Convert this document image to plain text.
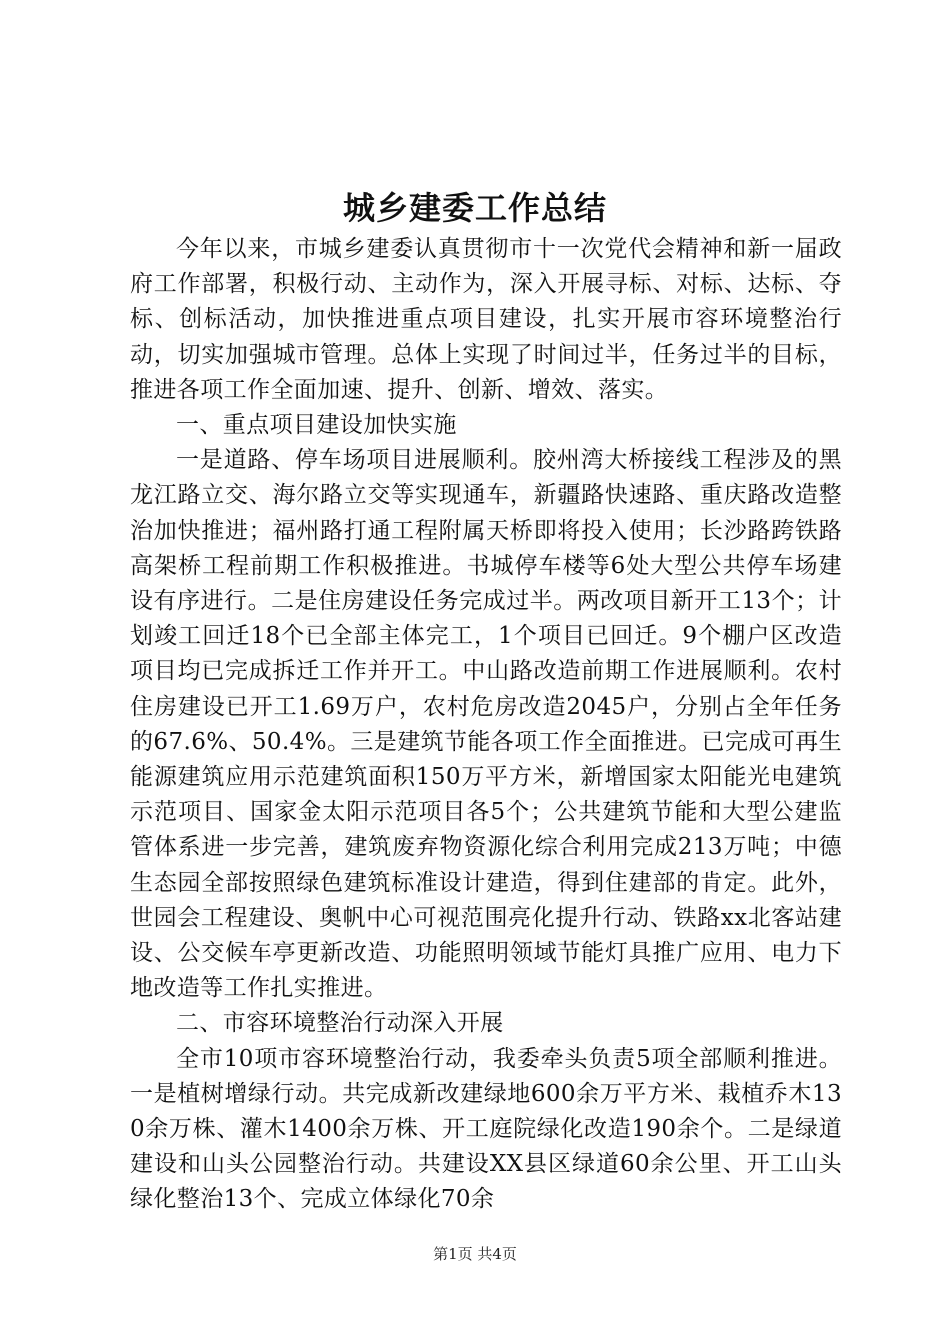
城乡建委工作总结

今年以来，市城乡建委认真贯彻市十一次党代会精神和新一届政府工作部署，积极行动、主动作为，深入开展寻标、对标、达标、夺标、创标活动，加快推进重点项目建设，扎实开展市容环境整治行动，切实加强城市管理。总体上实现了时间过半，任务过半的目标，推进各项工作全面加速、提升、创新、增效、落实。

一、重点项目建设加快实施

一是道路、停车场项目进展顺利。胶州湾大桥接线工程涉及的黑龙江路立交、海尔路立交等实现通车，新疆路快速路、重庆路改造整治加快推进；福州路打通工程附属天桥即将投入使用；长沙路跨铁路高架桥工程前期工作积极推进。书城停车楼等6处大型公共停车场建设有序进行。二是住房建设任务完成过半。两改项目新开工13个；计划竣工回迁18个已全部主体完工，1个项目已回迁。9个棚户区改造项目均已完成拆迁工作并开工。中山路改造前期工作进展顺利。农村住房建设已开工1.69万户，农村危房改造2045户，分别占全年任务的67.6%、50.4%。三是建筑节能各项工作全面推进。已完成可再生能源建筑应用示范建筑面积150万平方米，新增国家太阳能光电建筑示范项目、国家金太阳示范项目各5个；公共建筑节能和大型公建监管体系进一步完善，建筑废弃物资源化综合利用完成213万吨；中德生态园全部按照绿色建筑标准设计建造，得到住建部的肯定。此外，世园会工程建设、奥帆中心可视范围亮化提升行动、铁路xx北客站建设、公交候车亭更新改造、功能照明领域节能灯具推广应用、电力下地改造等工作扎实推进。

二、市容环境整治行动深入开展

全市10项市容环境整治行动，我委牵头负责5项全部顺利推进。一是植树增绿行动。共完成新改建绿地600余万平方米、栽植乔木130余万株、灌木1400余万株、开工庭院绿化改造190余个。二是绿道建设和山头公园整治行动。共建设XX县区绿道60余公里、开工山头绿化整治13个、完成立体绿化70余

第1页 共4页
